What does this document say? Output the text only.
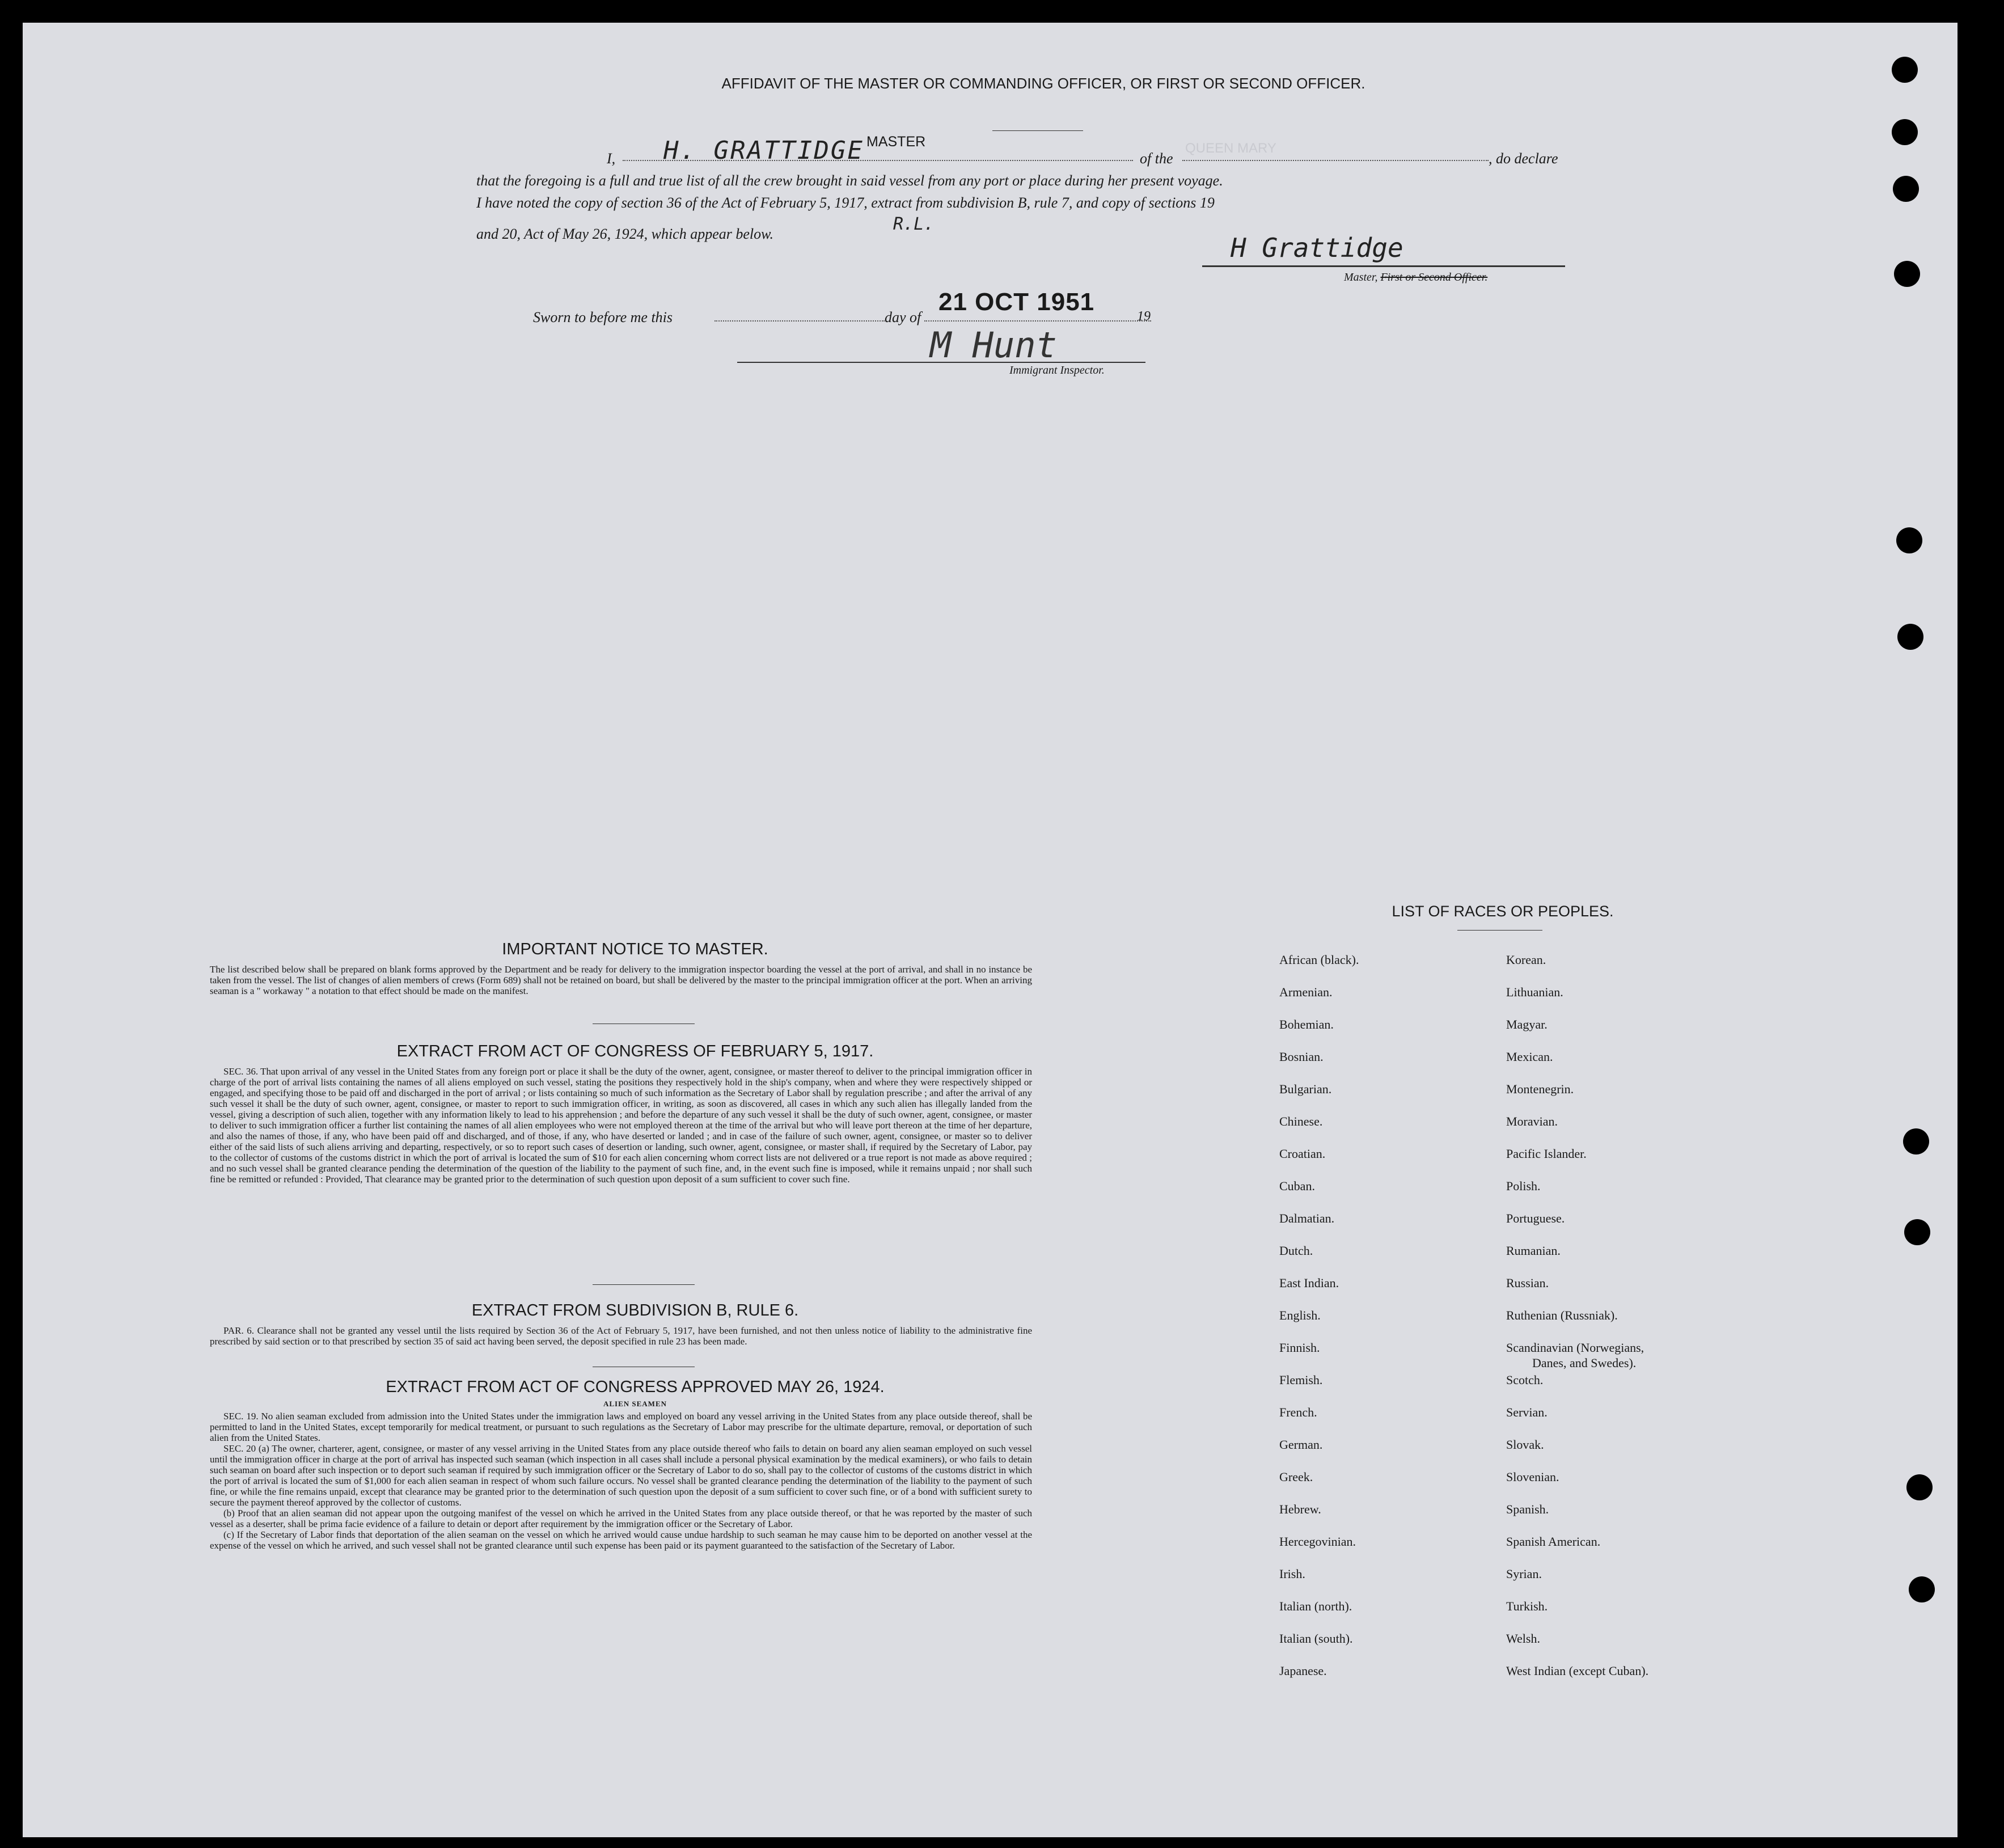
AFFIDAVIT OF THE MASTER OR COMMANDING OFFICER, OR FIRST OR SECOND OFFICER.
I, H. GRATTIDGE MASTER
of the
QUEEN MARY
, do declare
that the foregoing is a full and true list of all the crew brought in said vessel from any port or place during her present voyage.
I have noted the copy of section 36 of the Act of February 5, 1917, extract from subdivision B, rule 7, and copy of sections 19
and 20, Act of May 26, 1924, which appear below.	R.L.
H Grattidge
Master, First or Second Officer.
Sworn to before me this	day of
21 OCT 1951
19
M Hunt
Immigrant Inspector.
IMPORTANT NOTICE TO MASTER.
The list described below shall be prepared on blank forms approved by the Department and be ready for delivery to the immigration inspector boarding the vessel at the port of arrival, and shall in no instance be taken from the vessel. The list of changes of alien members of crews (Form 689) shall not be retained on board, but shall be delivered by the master to the principal immigration officer at the port. When an arriving seaman is a " workaway " a notation to that effect should be made on the manifest.
EXTRACT FROM ACT OF CONGRESS OF FEBRUARY 5, 1917.

SEC. 36. That upon arrival of any vessel in the United States from any foreign port or place it shall be the duty of the owner, agent, consignee, or master thereof to deliver to the principal immigration officer in charge of the port of arrival lists containing the names of all aliens employed on such vessel, stating the positions they respectively hold in the ship's company, when and where they were respectively shipped or engaged, and specifying those to be paid off and discharged in the port of arrival ; or lists containing so much of such information as the Secretary of Labor shall by regulation prescribe ; and after the arrival of any such vessel it shall be the duty of such owner, agent, consignee, or master to report to such immigration officer, in writing, as soon as discovered, all cases in which any such alien has illegally landed from the vessel, giving a description of such alien, together with any information likely to lead to his apprehension ; and before the departure of any such vessel it shall be the duty of such owner, agent, consignee, or master to deliver to such immigration officer a further list containing the names of all alien employees who were not employed thereon at the time of the arrival but who will leave port thereon at the time of her departure, and also the names of those, if any, who have been paid off and discharged, and of those, if any, who have deserted or landed ; and in case of the failure of such owner, agent, consignee, or master so to deliver either of the said lists of such aliens arriving and departing, respectively, or so to report such cases of desertion or landing, such owner, agent, consignee, or master shall, if required by the Secretary of Labor, pay to the collector of customs of the customs district in which the port of arrival is located the sum of $10 for each alien concerning whom correct lists are not delivered or a true report is not made as above required ; and no such vessel shall be granted clearance pending the determination of the question of the liability to the payment of such fine, and, in the event such fine is imposed, while it remains unpaid ; nor shall such fine be remitted or refunded : Provided, That clearance may be granted prior to the determination of such question upon deposit of a sum sufficient to cover such fine.

EXTRACT FROM SUBDIVISION B, RULE 6.

PAR. 6. Clearance shall not be granted any vessel until the lists required by Section 36 of the Act of February 5, 1917, have been furnished, and not then unless notice of liability to the administrative fine prescribed by said section or to that prescribed by section 35 of said act having been served, the deposit specified in rule 23 has been made.

EXTRACT FROM ACT OF CONGRESS APPROVED MAY 26, 1924.
ALIEN SEAMEN

SEC. 19. No alien seaman excluded from admission into the United States under the immigration laws and employed on board any vessel arriving in the United States from any place outside thereof, shall be permitted to land in the United States, except temporarily for medical treatment, or pursuant to such regulations as the Secretary of Labor may prescribe for the ultimate departure, removal, or deportation of such alien from the United States.

SEC. 20 (a) The owner, charterer, agent, consignee, or master of any vessel arriving in the United States from any place outside thereof who fails to detain on board any alien seaman employed on such vessel until the immigration officer in charge at the port of arrival has inspected such seaman (which inspection in all cases shall include a personal physical examination by the medical examiners), or who fails to detain such seaman on board after such inspection or to deport such seaman if required by such immigration officer or the Secretary of Labor to do so, shall pay to the collector of customs of the customs district in which the port of arrival is located the sum of $1,000 for each alien seaman in respect of whom such failure occurs. No vessel shall be granted clearance pending the determination of the liability to the payment of such fine, or while the fine remains unpaid, except that clearance may be granted prior to the determination of such question upon the deposit of a sum sufficient to cover such fine, or of a bond with sufficient surety to secure the payment thereof approved by the collector of customs.

(b) Proof that an alien seaman did not appear upon the outgoing manifest of the vessel on which he arrived in the United States from any place outside thereof, or that he was reported by the master of such vessel as a deserter, shall be prima facie evidence of a failure to detain or deport after requirement by the immigration officer or the Secretary of Labor.

(c) If the Secretary of Labor finds that deportation of the alien seaman on the vessel on which he arrived would cause undue hardship to such seaman he may cause him to be deported on another vessel at the expense of the vessel on which he arrived, and such vessel shall not be granted clearance until such expense has been paid or its payment guaranteed to the satisfaction of the Secretary of Labor.

LIST OF RACES OR PEOPLES.
African (black).
Armenian.
Bohemian.
Bosnian.
Bulgarian.
Chinese.
Croatian.
Cuban.
Dalmatian.
Dutch.
East Indian.
English.
Finnish.
Flemish.
French.
German.
Greek.
Hebrew.
Hercegovinian.
Irish.
Italian (north).
Italian (south).
Japanese.
Korean.
Lithuanian.
Magyar.
Mexican.
Montenegrin.
Moravian.
Pacific Islander.
Polish.
Portuguese.
Rumanian.
Russian.
Ruthenian (Russniak).
Scandinavian (Norwegians,
Danes, and Swedes).
Scotch.
Servian.
Slovak.
Slovenian.
Spanish.
Spanish American.
Syrian.
Turkish.
Welsh.
West Indian (except Cuban).
